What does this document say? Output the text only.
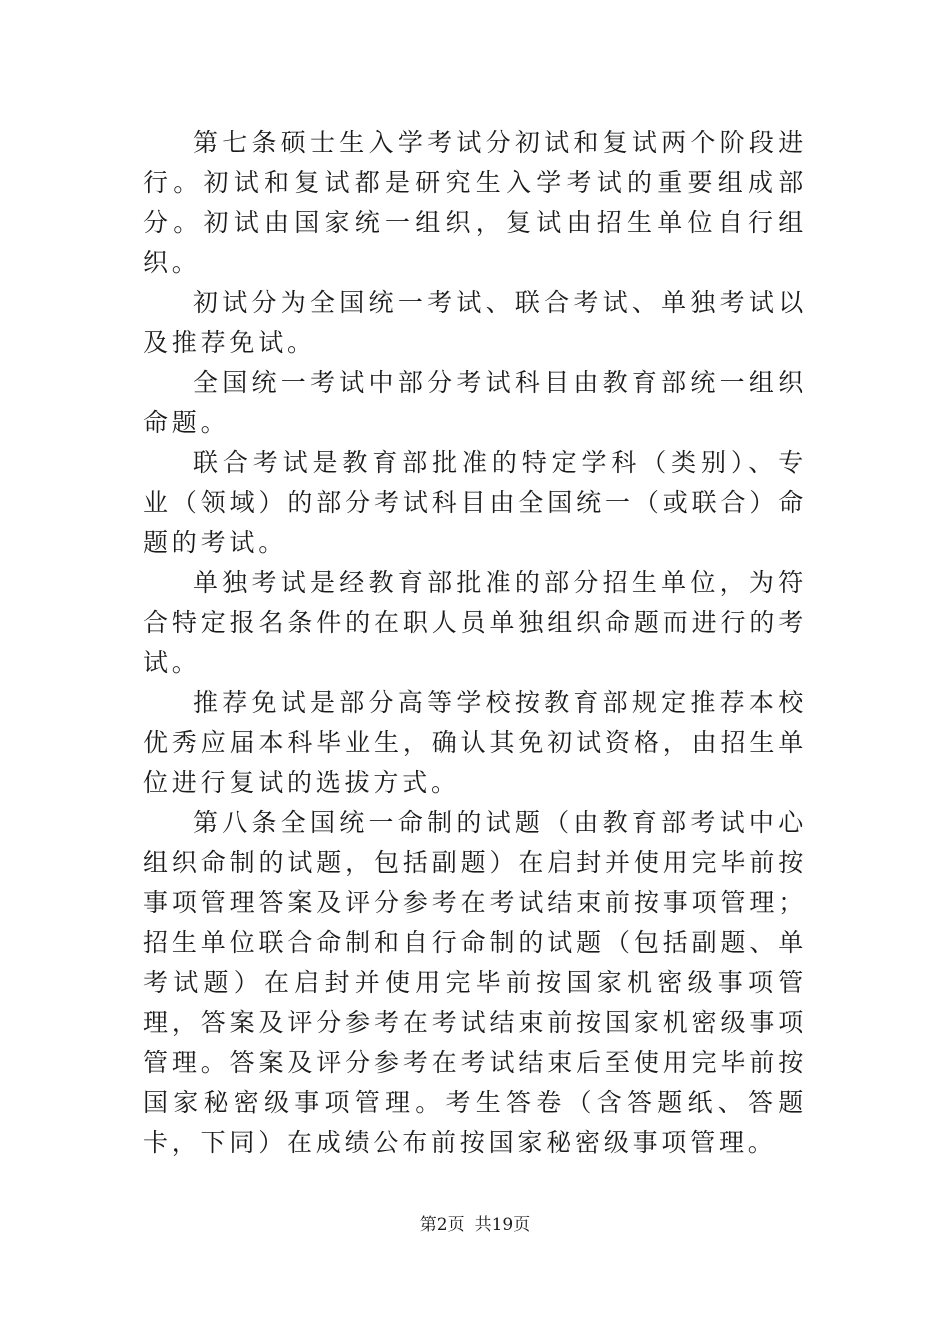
第七条硕士生入学考试分初试和复试两个阶段进行。初试和复试都是研究生入学考试的重要组成部分。初试由国家统一组织，复试由招生单位自行组织。

初试分为全国统一考试、联合考试、单独考试以及推荐免试。

全国统一考试中部分考试科目由教育部统一组织命题。

联合考试是教育部批准的特定学科（类别）、专业（领域）的部分考试科目由全国统一（或联合）命题的考试。

单独考试是经教育部批准的部分招生单位，为符合特定报名条件的在职人员单独组织命题而进行的考试。

推荐免试是部分高等学校按教育部规定推荐本校优秀应届本科毕业生，确认其免初试资格，由招生单位进行复试的选拔方式。

第八条全国统一命制的试题（由教育部考试中心组织命制的试题，包括副题）在启封并使用完毕前按事项管理答案及评分参考在考试结束前按事项管理；招生单位联合命制和自行命制的试题（包括副题、单考试题）在启封并使用完毕前按国家机密级事项管理，答案及评分参考在考试结束前按国家机密级事项管理。答案及评分参考在考试结束后至使用完毕前按国家秘密级事项管理。考生答卷（含答题纸、答题卡，下同）在成绩公布前按国家秘密级事项管理。

第2页 共19页
